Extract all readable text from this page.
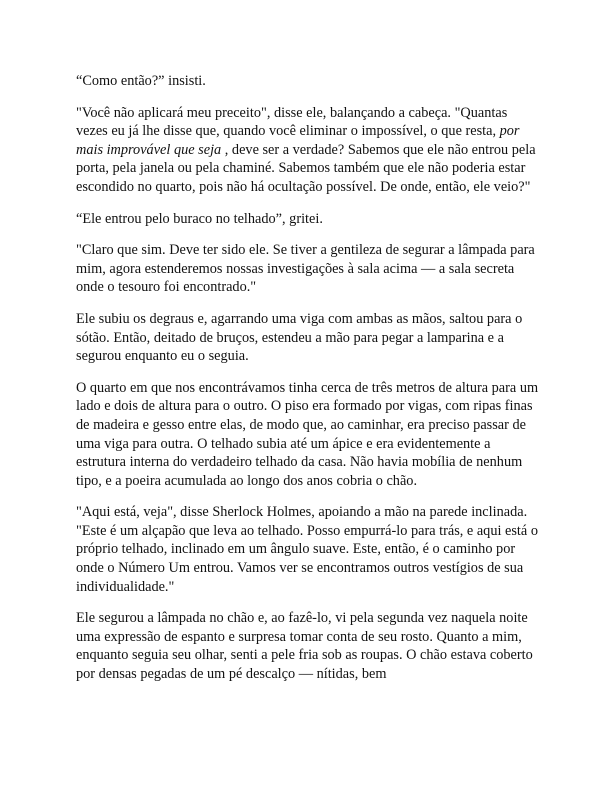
“Como então?” insisti.

"Você não aplicará meu preceito", disse ele, balançando a cabeça. "Quantas vezes eu já lhe disse que, quando você eliminar o impossível, o que resta, por mais improvável que seja , deve ser a verdade? Sabemos que ele não entrou pela porta, pela janela ou pela chaminé. Sabemos também que ele não poderia estar escondido no quarto, pois não há ocultação possível. De onde, então, ele veio?"

“Ele entrou pelo buraco no telhado”, gritei.

"Claro que sim. Deve ter sido ele. Se tiver a gentileza de segurar a lâmpada para mim, agora estenderemos nossas investigações à sala acima — a sala secreta onde o tesouro foi encontrado."

Ele subiu os degraus e, agarrando uma viga com ambas as mãos, saltou para o sótão. Então, deitado de bruços, estendeu a mão para pegar a lamparina e a segurou enquanto eu o seguia.

O quarto em que nos encontrávamos tinha cerca de três metros de altura para um lado e dois de altura para o outro. O piso era formado por vigas, com ripas finas de madeira e gesso entre elas, de modo que, ao caminhar, era preciso passar de uma viga para outra. O telhado subia até um ápice e era evidentemente a estrutura interna do verdadeiro telhado da casa. Não havia mobília de nenhum tipo, e a poeira acumulada ao longo dos anos cobria o chão.

"Aqui está, veja", disse Sherlock Holmes, apoiando a mão na parede inclinada. "Este é um alçapão que leva ao telhado. Posso empurrá-lo para trás, e aqui está o próprio telhado, inclinado em um ângulo suave. Este, então, é o caminho por onde o Número Um entrou. Vamos ver se encontramos outros vestígios de sua individualidade."

Ele segurou a lâmpada no chão e, ao fazê-lo, vi pela segunda vez naquela noite uma expressão de espanto e surpresa tomar conta de seu rosto. Quanto a mim, enquanto seguia seu olhar, senti a pele fria sob as roupas. O chão estava coberto por densas pegadas de um pé descalço — nítidas, bem
